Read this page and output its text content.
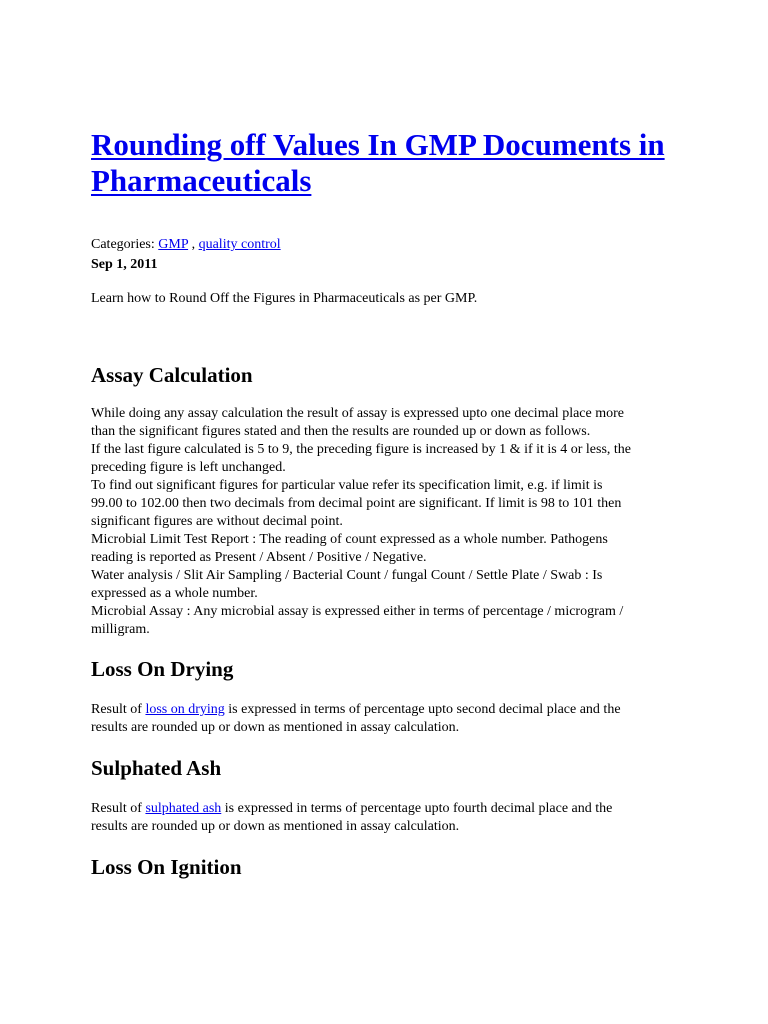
Rounding off Values In GMP Documents in
Pharmaceuticals
Categories: GMP , quality control
Sep 1, 2011

Learn how to Round Off the Figures in Pharmaceuticals as per GMP.

Assay Calculation

While doing any assay calculation the result of assay is expressed upto one decimal place more
than the significant figures stated and then the results are rounded up or down as follows.
If the last figure calculated is 5 to 9, the preceding figure is increased by 1 & if it is 4 or less, the
preceding figure is left unchanged.
To find out significant figures for particular value refer its specification limit, e.g. if limit is
99.00 to 102.00 then two decimals from decimal point are significant. If limit is 98 to 101 then
significant figures are without decimal point.
Microbial Limit Test Report : The reading of count expressed as a whole number. Pathogens
reading is reported as Present / Absent / Positive / Negative.
Water analysis / Slit Air Sampling / Bacterial Count / fungal Count / Settle Plate / Swab : Is
expressed as a whole number.
Microbial Assay : Any microbial assay is expressed either in terms of percentage / microgram /
milligram.

Loss On Drying

Result of loss on drying is expressed in terms of percentage upto second decimal place and the
results are rounded up or down as mentioned in assay calculation.

Sulphated Ash

Result of sulphated ash is expressed in terms of percentage upto fourth decimal place and the
results are rounded up or down as mentioned in assay calculation.

Loss On Ignition
